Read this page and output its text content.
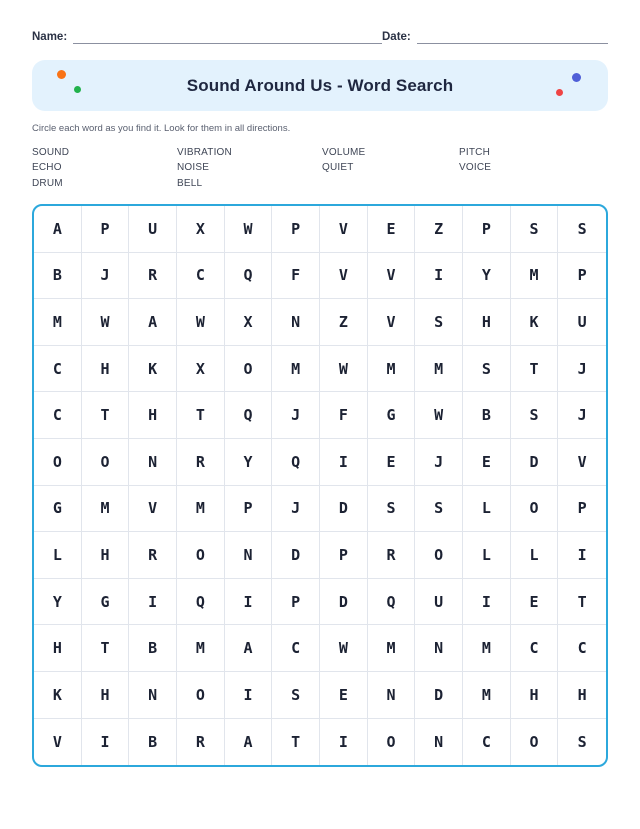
Name:	Date:
Sound Around Us - Word Search

Circle each word as you find it. Look for them in all directions.

SOUND	VIBRATION	VOLUME	PITCH
ECHO	NOISE	QUIET	VOICE
DRUM	BELL
A	P	U	X	W	P	V	E	Z	P	S	S
B	J	R	C	Q	F	V	V	I	Y	M	P
M	W	A	W	X	N	Z	V	S	H	K	U
C	H	K	X	O	M	W	M	M	S	T	J
C	T	H	T	Q	J	F	G	W	B	S	J
O	O	N	R	Y	Q	I	E	J	E	D	V
G	M	V	M	P	J	D	S	S	L	O	P
L	H	R	O	N	D	P	R	O	L	L	I
Y	G	I	Q	I	P	D	Q	U	I	E	T
H	T	B	M	A	C	W	M	N	M	C	C
K	H	N	O	I	S	E	N	D	M	H	H
V	I	B	R	A	T	I	O	N	C	O	S
